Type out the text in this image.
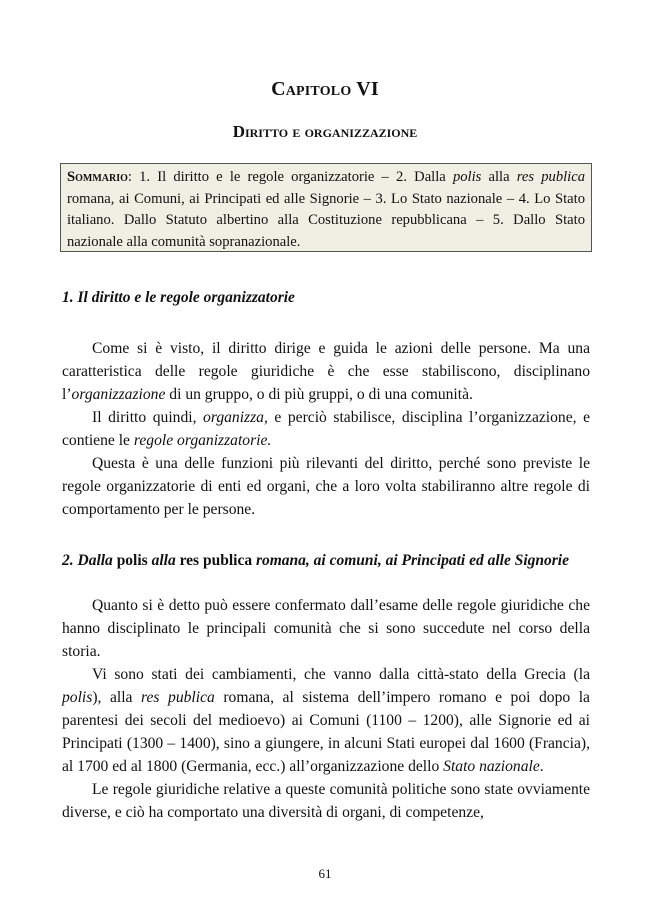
Capitolo VI
Diritto e organizzazione
Sommario: 1. Il diritto e le regole organizzatorie – 2. Dalla polis alla res publica romana, ai Comuni, ai Principati ed alle Signorie – 3. Lo Stato nazionale – 4. Lo Stato italiano. Dallo Statuto albertino alla Costituzione repubblicana – 5. Dallo Stato nazionale alla comunità sopranazionale.
1. Il diritto e le regole organizzatorie

Come si è visto, il diritto dirige e guida le azioni delle persone. Ma una caratteristica delle regole giuridiche è che esse stabiliscono, disciplinano l’organizzazione di un gruppo, o di più gruppi, o di una comunità.

Il diritto quindi, organizza, e perciò stabilisce, disciplina l’organizzazione, e contiene le regole organizzatorie.

Questa è una delle funzioni più rilevanti del diritto, perché sono previste le regole organizzatorie di enti ed organi, che a loro volta stabiliranno altre regole di comportamento per le persone.

2. Dalla polis alla res publica romana, ai comuni, ai Principati ed alle Signorie

Quanto si è detto può essere confermato dall’esame delle regole giuridiche che hanno disciplinato le principali comunità che si sono succedute nel corso della storia.

Vi sono stati dei cambiamenti, che vanno dalla città-stato della Grecia (la polis), alla res publica romana, al sistema dell’impero romano e poi dopo la parentesi dei secoli del medioevo) ai Comuni (1100 – 1200), alle Signorie ed ai Principati (1300 – 1400), sino a giungere, in alcuni Stati europei dal 1600 (Francia), al 1700 ed al 1800 (Germania, ecc.) all’organizzazione dello Stato nazionale.

Le regole giuridiche relative a queste comunità politiche sono state ovviamente diverse, e ciò ha comportato una diversità di organi, di competenze,

61
